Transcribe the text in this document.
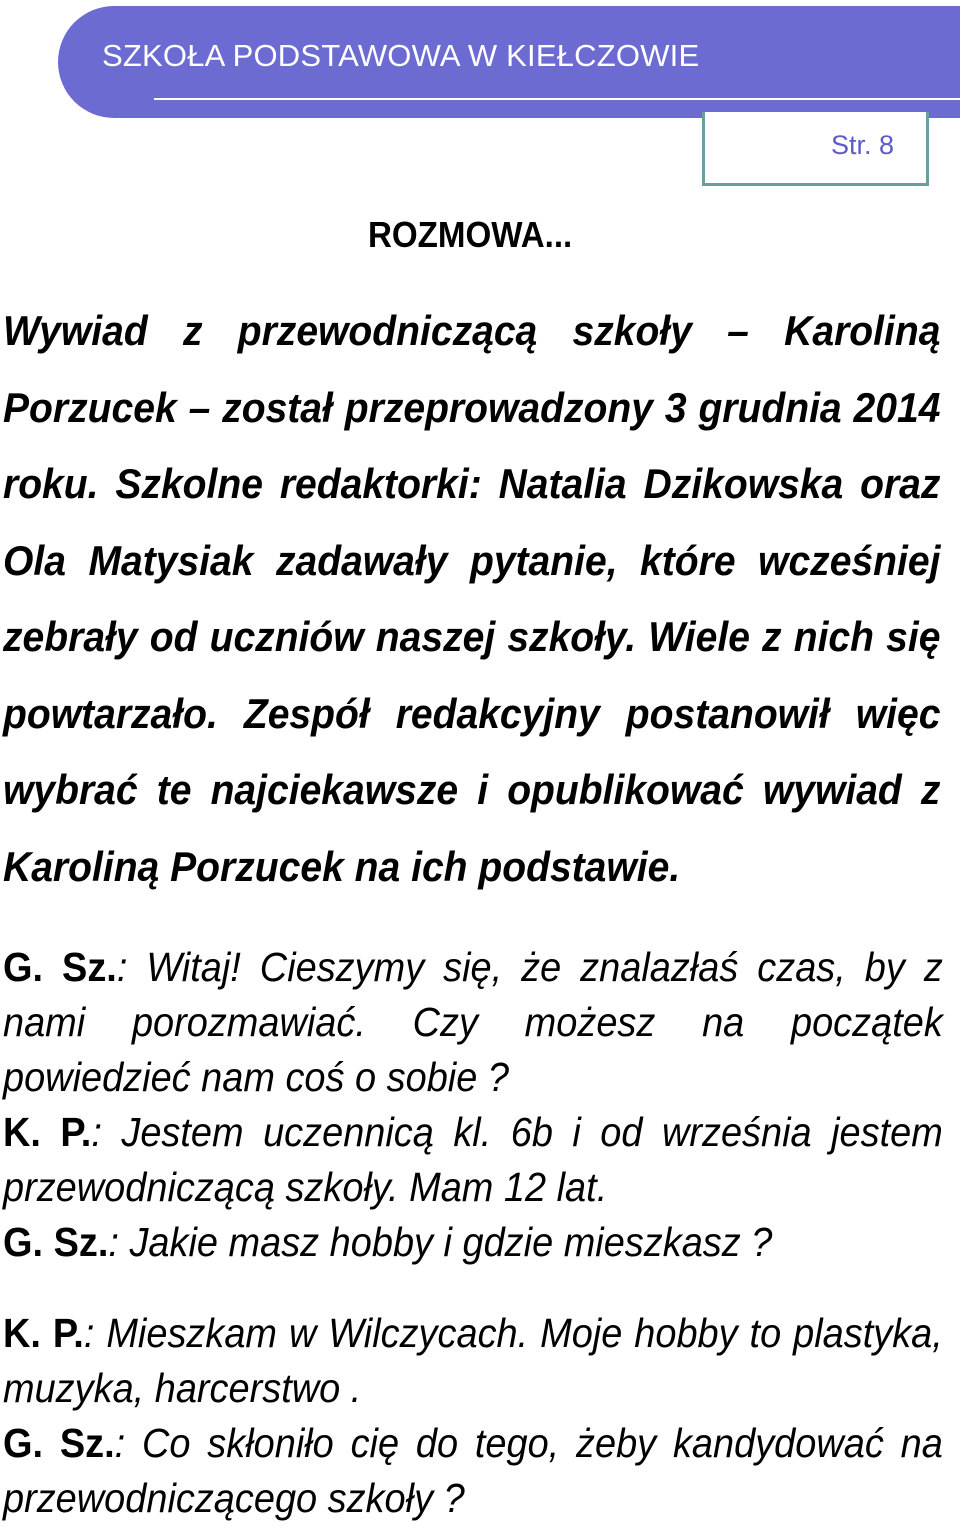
SZKOŁA PODSTAWOWA W KIEŁCZOWIE
Str. 8
ROZMOWA...

Wywiad z przewodniczącą szkoły – Karoliną Porzucek – został przeprowadzony 3 grudnia 2014 roku. Szkolne redaktorki: Natalia Dzikowska oraz Ola Matysiak zadawały pytanie, które wcześniej zebrały od uczniów naszej szkoły. Wiele z nich się powtarzało. Zespół redakcyjny postanowił więc wybrać te najciekawsze i opublikować wywiad z Karoliną Porzucek na ich podstawie.

G. Sz.: Witaj! Cieszymy się, że znalazłaś czas, by z nami porozmawiać. Czy możesz na początek powiedzieć nam coś o sobie ?

K. P.: Jestem uczennicą kl. 6b i od września jestem przewodniczącą szkoły. Mam 12 lat.

G. Sz.: Jakie masz hobby i gdzie mieszkasz ?

K. P.: Mieszkam w Wilczycach. Moje hobby to plastyka, muzyka, harcerstwo .

G. Sz.: Co skłoniło cię do tego, żeby kandydować na przewodniczącego szkoły ?
